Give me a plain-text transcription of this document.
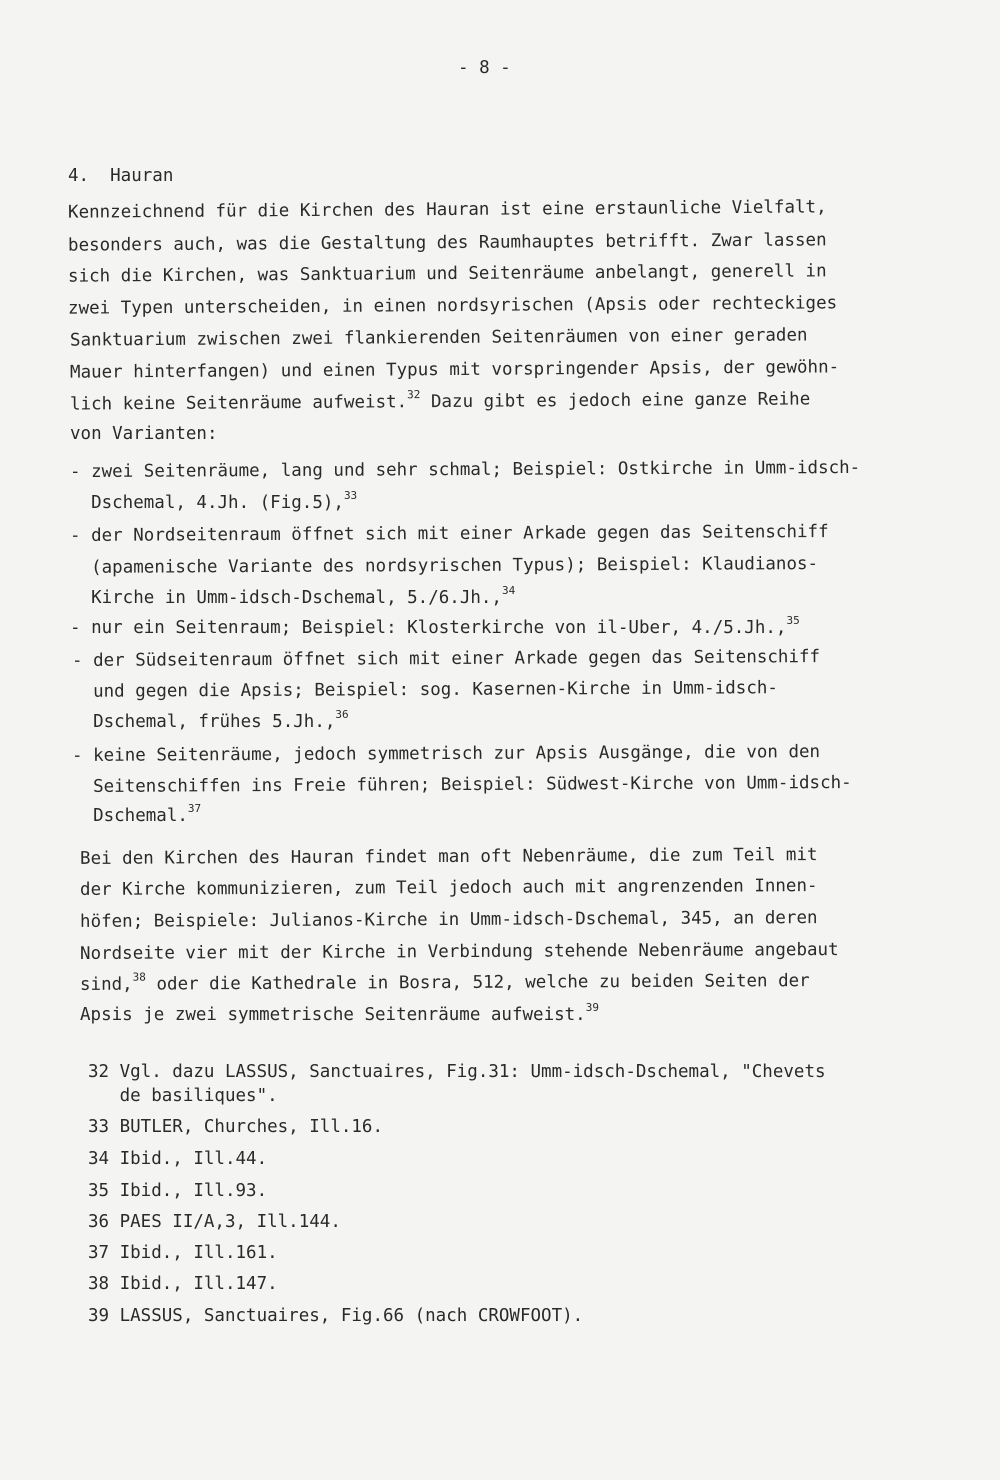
- 8 -
4.  Hauran
Kennzeichnend für die Kirchen des Hauran ist eine erstaunliche Vielfalt,
besonders auch, was die Gestaltung des Raumhauptes betrifft. Zwar lassen
sich die Kirchen, was Sanktuarium und Seitenräume anbelangt, generell in
zwei Typen unterscheiden, in einen nordsyrischen (Apsis oder rechteckiges
Sanktuarium zwischen zwei flankierenden Seitenräumen von einer geraden
Mauer hinterfangen) und einen Typus mit vorspringender Apsis, der gewöhn-
lich keine Seitenräume aufweist.$^{32}$ Dazu gibt es jedoch eine ganze Reihe
von Varianten:
- zwei Seitenräume, lang und sehr schmal; Beispiel: Ostkirche in Umm-idsch-
Dschemal, 4.Jh. (Fig.5),$^{33}$
- der Nordseitenraum öffnet sich mit einer Arkade gegen das Seitenschiff
(apamenische Variante des nordsyrischen Typus); Beispiel: Klaudianos-
Kirche in Umm-idsch-Dschemal, 5./6.Jh.,$^{34}$
- nur ein Seitenraum; Beispiel: Klosterkirche von il-Uber, 4./5.Jh.,$^{35}$
- der Südseitenraum öffnet sich mit einer Arkade gegen das Seitenschiff
und gegen die Apsis; Beispiel: sog. Kasernen-Kirche in Umm-idsch-
Dschemal, frühes 5.Jh.,$^{36}$
- keine Seitenräume, jedoch symmetrisch zur Apsis Ausgänge, die von den
Seitenschiffen ins Freie führen; Beispiel: Südwest-Kirche von Umm-idsch-
Dschemal.$^{37}$
Bei den Kirchen des Hauran findet man oft Nebenräume, die zum Teil mit
der Kirche kommunizieren, zum Teil jedoch auch mit angrenzenden Innen-
höfen; Beispiele: Julianos-Kirche in Umm-idsch-Dschemal, 345, an deren
Nordseite vier mit der Kirche in Verbindung stehende Nebenräume angebaut
sind,$^{38}$ oder die Kathedrale in Bosra, 512, welche zu beiden Seiten der
Apsis je zwei symmetrische Seitenräume aufweist.$^{39}$
32 Vgl. dazu LASSUS, Sanctuaires, Fig.31: Umm-idsch-Dschemal, "Chevets
de basiliques".
33 BUTLER, Churches, Ill.16.
34 Ibid., Ill.44.
35 Ibid., Ill.93.
36 PAES II/A,3, Ill.144.
37 Ibid., Ill.161.
38 Ibid., Ill.147.
39 LASSUS, Sanctuaires, Fig.66 (nach CROWFOOT).
